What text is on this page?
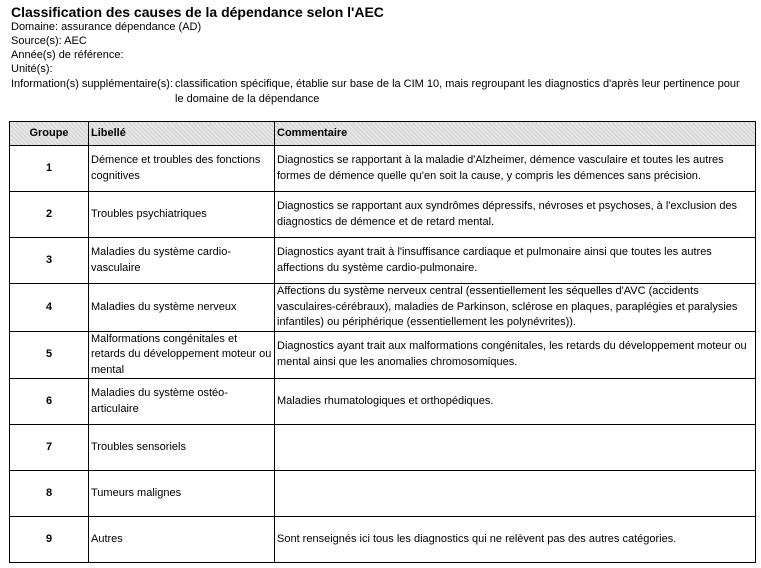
Classification des causes de la dépendance selon l'AEC
Domaine: assurance dépendance (AD)
Source(s): AEC
Année(s) de référence:
Unité(s):
Information(s) supplémentaire(s): classification spécifique, établie sur base de la CIM 10, mais regroupant les diagnostics d'après leur pertinence pour
le domaine de la dépendance
Groupe	Libellé	Commentaire
1	Démence et troubles des fonctions cognitives	Diagnostics se rapportant à la maladie d'Alzheimer, démence vasculaire et toutes les autres formes de démence quelle qu'en soit la cause, y compris les démences sans précision.
2	Troubles psychiatriques	Diagnostics se rapportant aux syndrômes dépressifs, névroses et psychoses, à l'exclusion des diagnostics de démence et de retard mental.
3	Maladies du système cardio-vasculaire	Diagnostics ayant trait à l'insuffisance cardiaque et pulmonaire ainsi que toutes les autres affections du système cardio-pulmonaire.
4	Maladies du système nerveux	Affections du système nerveux central (essentiellement les séquelles d'AVC (accidents vasculaires-cérébraux), maladies de Parkinson, sclérose en plaques, paraplégies et paralysies infantiles) ou périphérique (essentiellement les polynévrites)).
5	Malformations congénitales et retards du développement moteur ou mental	Diagnostics ayant trait aux malformations congénitales, les retards du développement moteur ou mental ainsi que les anomalies chromosomiques.
6	Maladies du système ostéo-articulaire	Maladies rhumatologiques et orthopédiques.
7	Troubles sensoriels	
8	Tumeurs malignes	
9	Autres	Sont renseignés ici tous les diagnostics qui ne relèvent pas des autres catégories.
